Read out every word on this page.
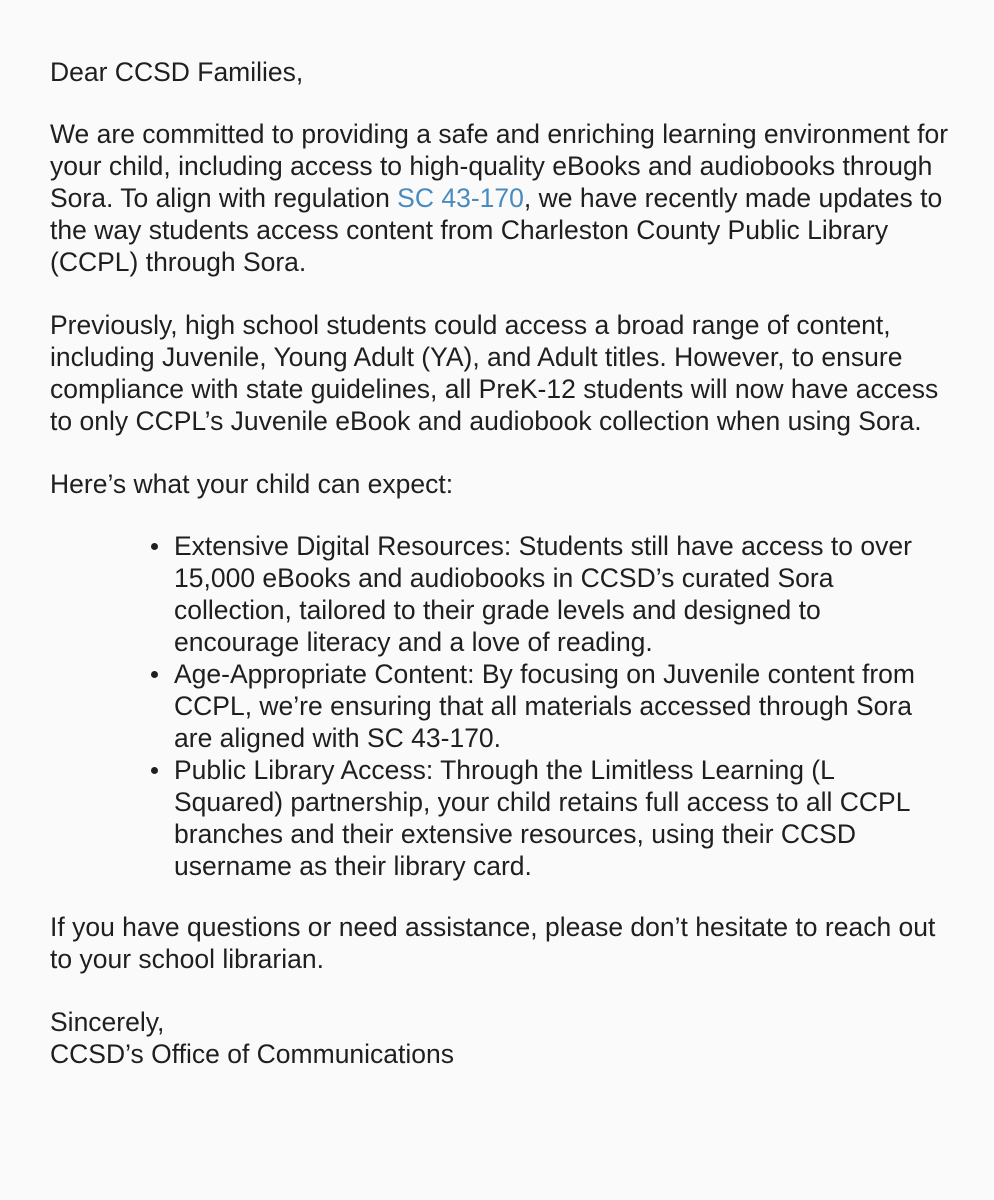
Dear CCSD Families,

We are committed to providing a safe and enriching learning environment for your child, including access to high-quality eBooks and audiobooks through Sora. To align with regulation SC 43-170, we have recently made updates to the way students access content from Charleston County Public Library (CCPL) through Sora.

Previously, high school students could access a broad range of content, including Juvenile, Young Adult (YA), and Adult titles. However, to ensure compliance with state guidelines, all PreK-12 students will now have access to only CCPL’s Juvenile eBook and audiobook collection when using Sora.

Here’s what your child can expect:

Extensive Digital Resources: Students still have access to over 15,000 eBooks and audiobooks in CCSD’s curated Sora collection, tailored to their grade levels and designed to encourage literacy and a love of reading.
Age-Appropriate Content: By focusing on Juvenile content from CCPL, we’re ensuring that all materials accessed through Sora are aligned with SC 43-170.
Public Library Access: Through the Limitless Learning (L Squared) partnership, your child retains full access to all CCPL branches and their extensive resources, using their CCSD username as their library card.

If you have questions or need assistance, please don’t hesitate to reach out to your school librarian.

Sincerely,

CCSD’s Office of Communications
